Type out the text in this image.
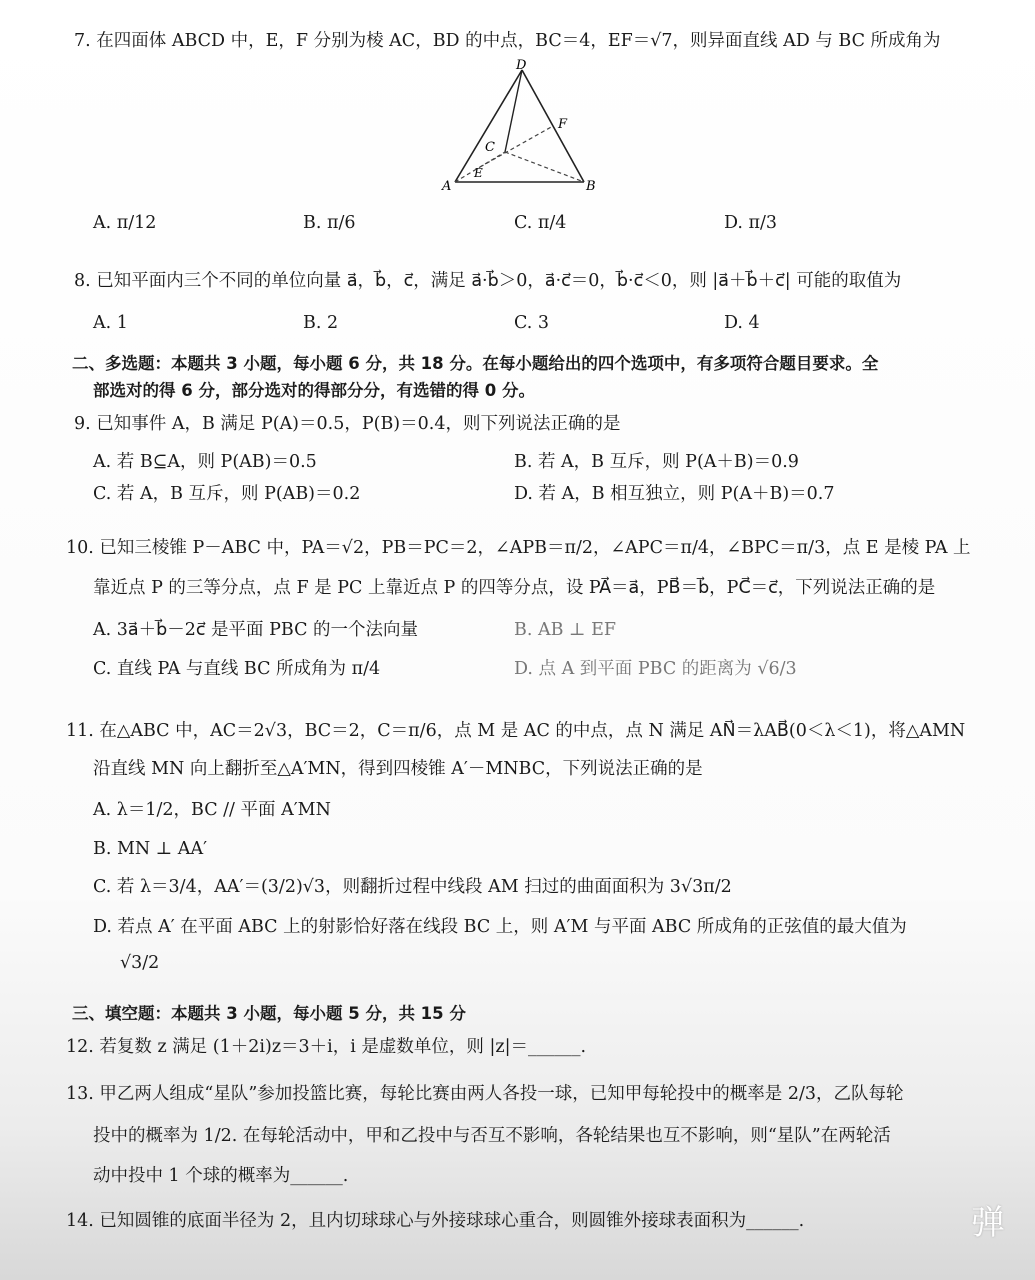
7. 在四面体 ABCD 中，E，F 分别为棱 AC，BD 的中点，BC＝4，EF＝√7，则异面直线 AD 与 BC 所成角为
D
F
C
E
A	B
A. π/12	B. π/6	C. π/4	D. π/3
8. 已知平面内三个不同的单位向量 a⃗，b⃗，c⃗，满足 a⃗·b⃗＞0，a⃗·c⃗＝0，b⃗·c⃗＜0，则 |a⃗＋b⃗＋c⃗| 可能的取值为
A. 1	B. 2	C. 3	D. 4
二、多选题：本题共 3 小题，每小题 6 分，共 18 分。在每小题给出的四个选项中，有多项符合题目要求。全
部选对的得 6 分，部分选对的得部分分，有选错的得 0 分。
9. 已知事件 A，B 满足 P(A)＝0.5，P(B)＝0.4，则下列说法正确的是
A. 若 B⊆A，则 P(AB)＝0.5	B. 若 A，B 互斥，则 P(A＋B)＝0.9
C. 若 A，B 互斥，则 P(AB)＝0.2	D. 若 A，B 相互独立，则 P(A＋B)＝0.7
10. 已知三棱锥 P－ABC 中，PA＝√2，PB＝PC＝2，∠APB＝π/2，∠APC＝π/4，∠BPC＝π/3，点 E 是棱 PA 上
靠近点 P 的三等分点，点 F 是 PC 上靠近点 P 的四等分点，设 PA⃗＝a⃗，PB⃗＝b⃗，PC⃗＝c⃗，下列说法正确的是
A. 3a⃗＋b⃗－2c⃗ 是平面 PBC 的一个法向量	B. AB ⊥ EF
C. 直线 PA 与直线 BC 所成角为 π/4	D. 点 A 到平面 PBC 的距离为 √6/3
11. 在△ABC 中，AC＝2√3，BC＝2，C＝π/6，点 M 是 AC 的中点，点 N 满足 AN⃗＝λAB⃗(0＜λ＜1)，将△AMN
沿直线 MN 向上翻折至△A′MN，得到四棱锥 A′－MNBC，下列说法正确的是
A. λ＝1/2，BC // 平面 A′MN
B. MN ⊥ AA′
C. 若 λ＝3/4，AA′＝(3/2)√3，则翻折过程中线段 AM 扫过的曲面面积为 3√3π/2
D. 若点 A′ 在平面 ABC 上的射影恰好落在线段 BC 上，则 A′M 与平面 ABC 所成角的正弦值的最大值为
√3/2
三、填空题：本题共 3 小题，每小题 5 分，共 15 分
12. 若复数 z 满足 (1＋2i)z＝3＋i，i 是虚数单位，则 |z|＝______.
13. 甲乙两人组成“星队”参加投篮比赛，每轮比赛由两人各投一球，已知甲每轮投中的概率是 2/3，乙队每轮
投中的概率为 1/2. 在每轮活动中，甲和乙投中与否互不影响，各轮结果也互不影响，则“星队”在两轮活
动中投中 1 个球的概率为______.
14. 已知圆锥的底面半径为 2，且内切球球心与外接球球心重合，则圆锥外接球表面积为______.	弹
